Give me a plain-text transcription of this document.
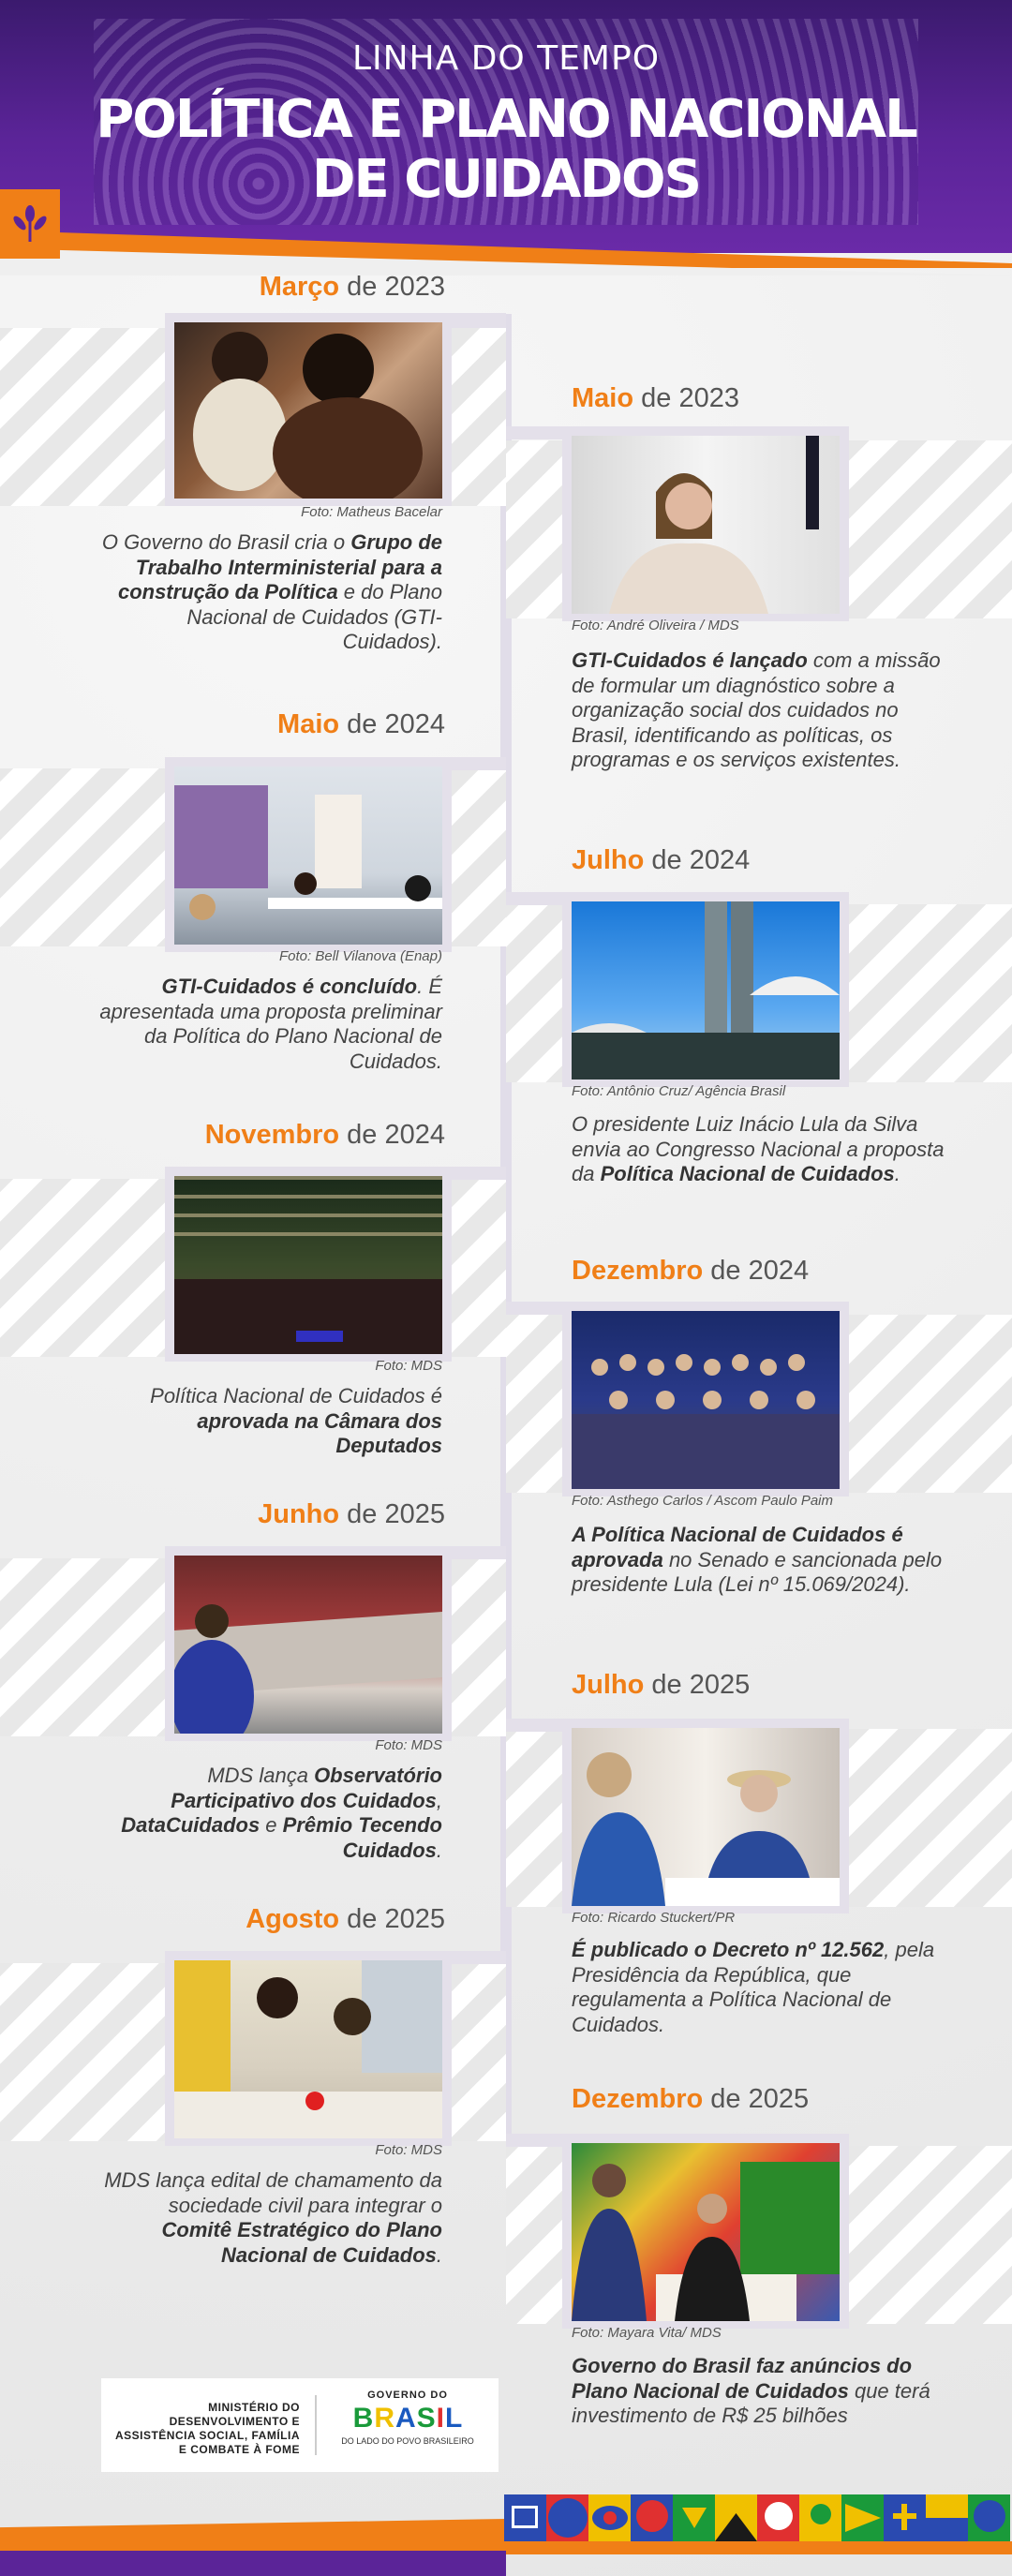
LINHA DO TEMPO
POLÍTICA E PLANO NACIONAL
DE CUIDADOS
Março de 2023
Foto: Matheus Bacelar
O Governo do Brasil cria o Grupo de Trabalho Interministerial para a construção da Política e do Plano Nacional de Cuidados (GTI-Cuidados).
Maio de 2024
Foto: Bell Vilanova (Enap)
GTI-Cuidados é concluído. É apresentada uma proposta preliminar da Política do Plano Nacional de Cuidados.
Novembro de 2024
Foto: MDS
Política Nacional de Cuidados é aprovada na Câmara dos Deputados
Junho de 2025
Foto: MDS
MDS lança Observatório Participativo dos Cuidados, DataCuidados e Prêmio Tecendo Cuidados.
Agosto de 2025
Foto: MDS
MDS lança edital de chamamento da sociedade civil para integrar o Comitê Estratégico do Plano Nacional de Cuidados.
Maio de 2023
Foto: André Oliveira / MDS
GTI-Cuidados é lançado com a missão de formular um diagnóstico sobre a organização social dos cuidados no Brasil, identificando as políticas, os programas e os serviços existentes.
Julho de 2024
Foto: Antônio Cruz/ Agência Brasil
O presidente Luiz Inácio Lula da Silva envia ao Congresso Nacional a proposta da Política Nacional de Cuidados.
Dezembro de 2024
Foto: Asthego Carlos / Ascom Paulo Paim
A Política Nacional de Cuidados é aprovada no Senado e sancionada pelo presidente Lula (Lei nº 15.069/2024).
Julho de 2025
Foto: Ricardo Stuckert/PR
É publicado o Decreto nº 12.562, pela Presidência da República, que regulamenta a Política Nacional de Cuidados.
Dezembro de 2025
Foto: Mayara Vita/ MDS
Governo do Brasil faz anúncios do Plano Nacional de Cuidados que terá investimento de R$ 25 bilhões
MINISTÉRIO DO DESENVOLVIMENTO E ASSISTÊNCIA SOCIAL, FAMÍLIA E COMBATE À FOME
GOVERNO DO
B R A S I L
DO LADO DO POVO BRASILEIRO
